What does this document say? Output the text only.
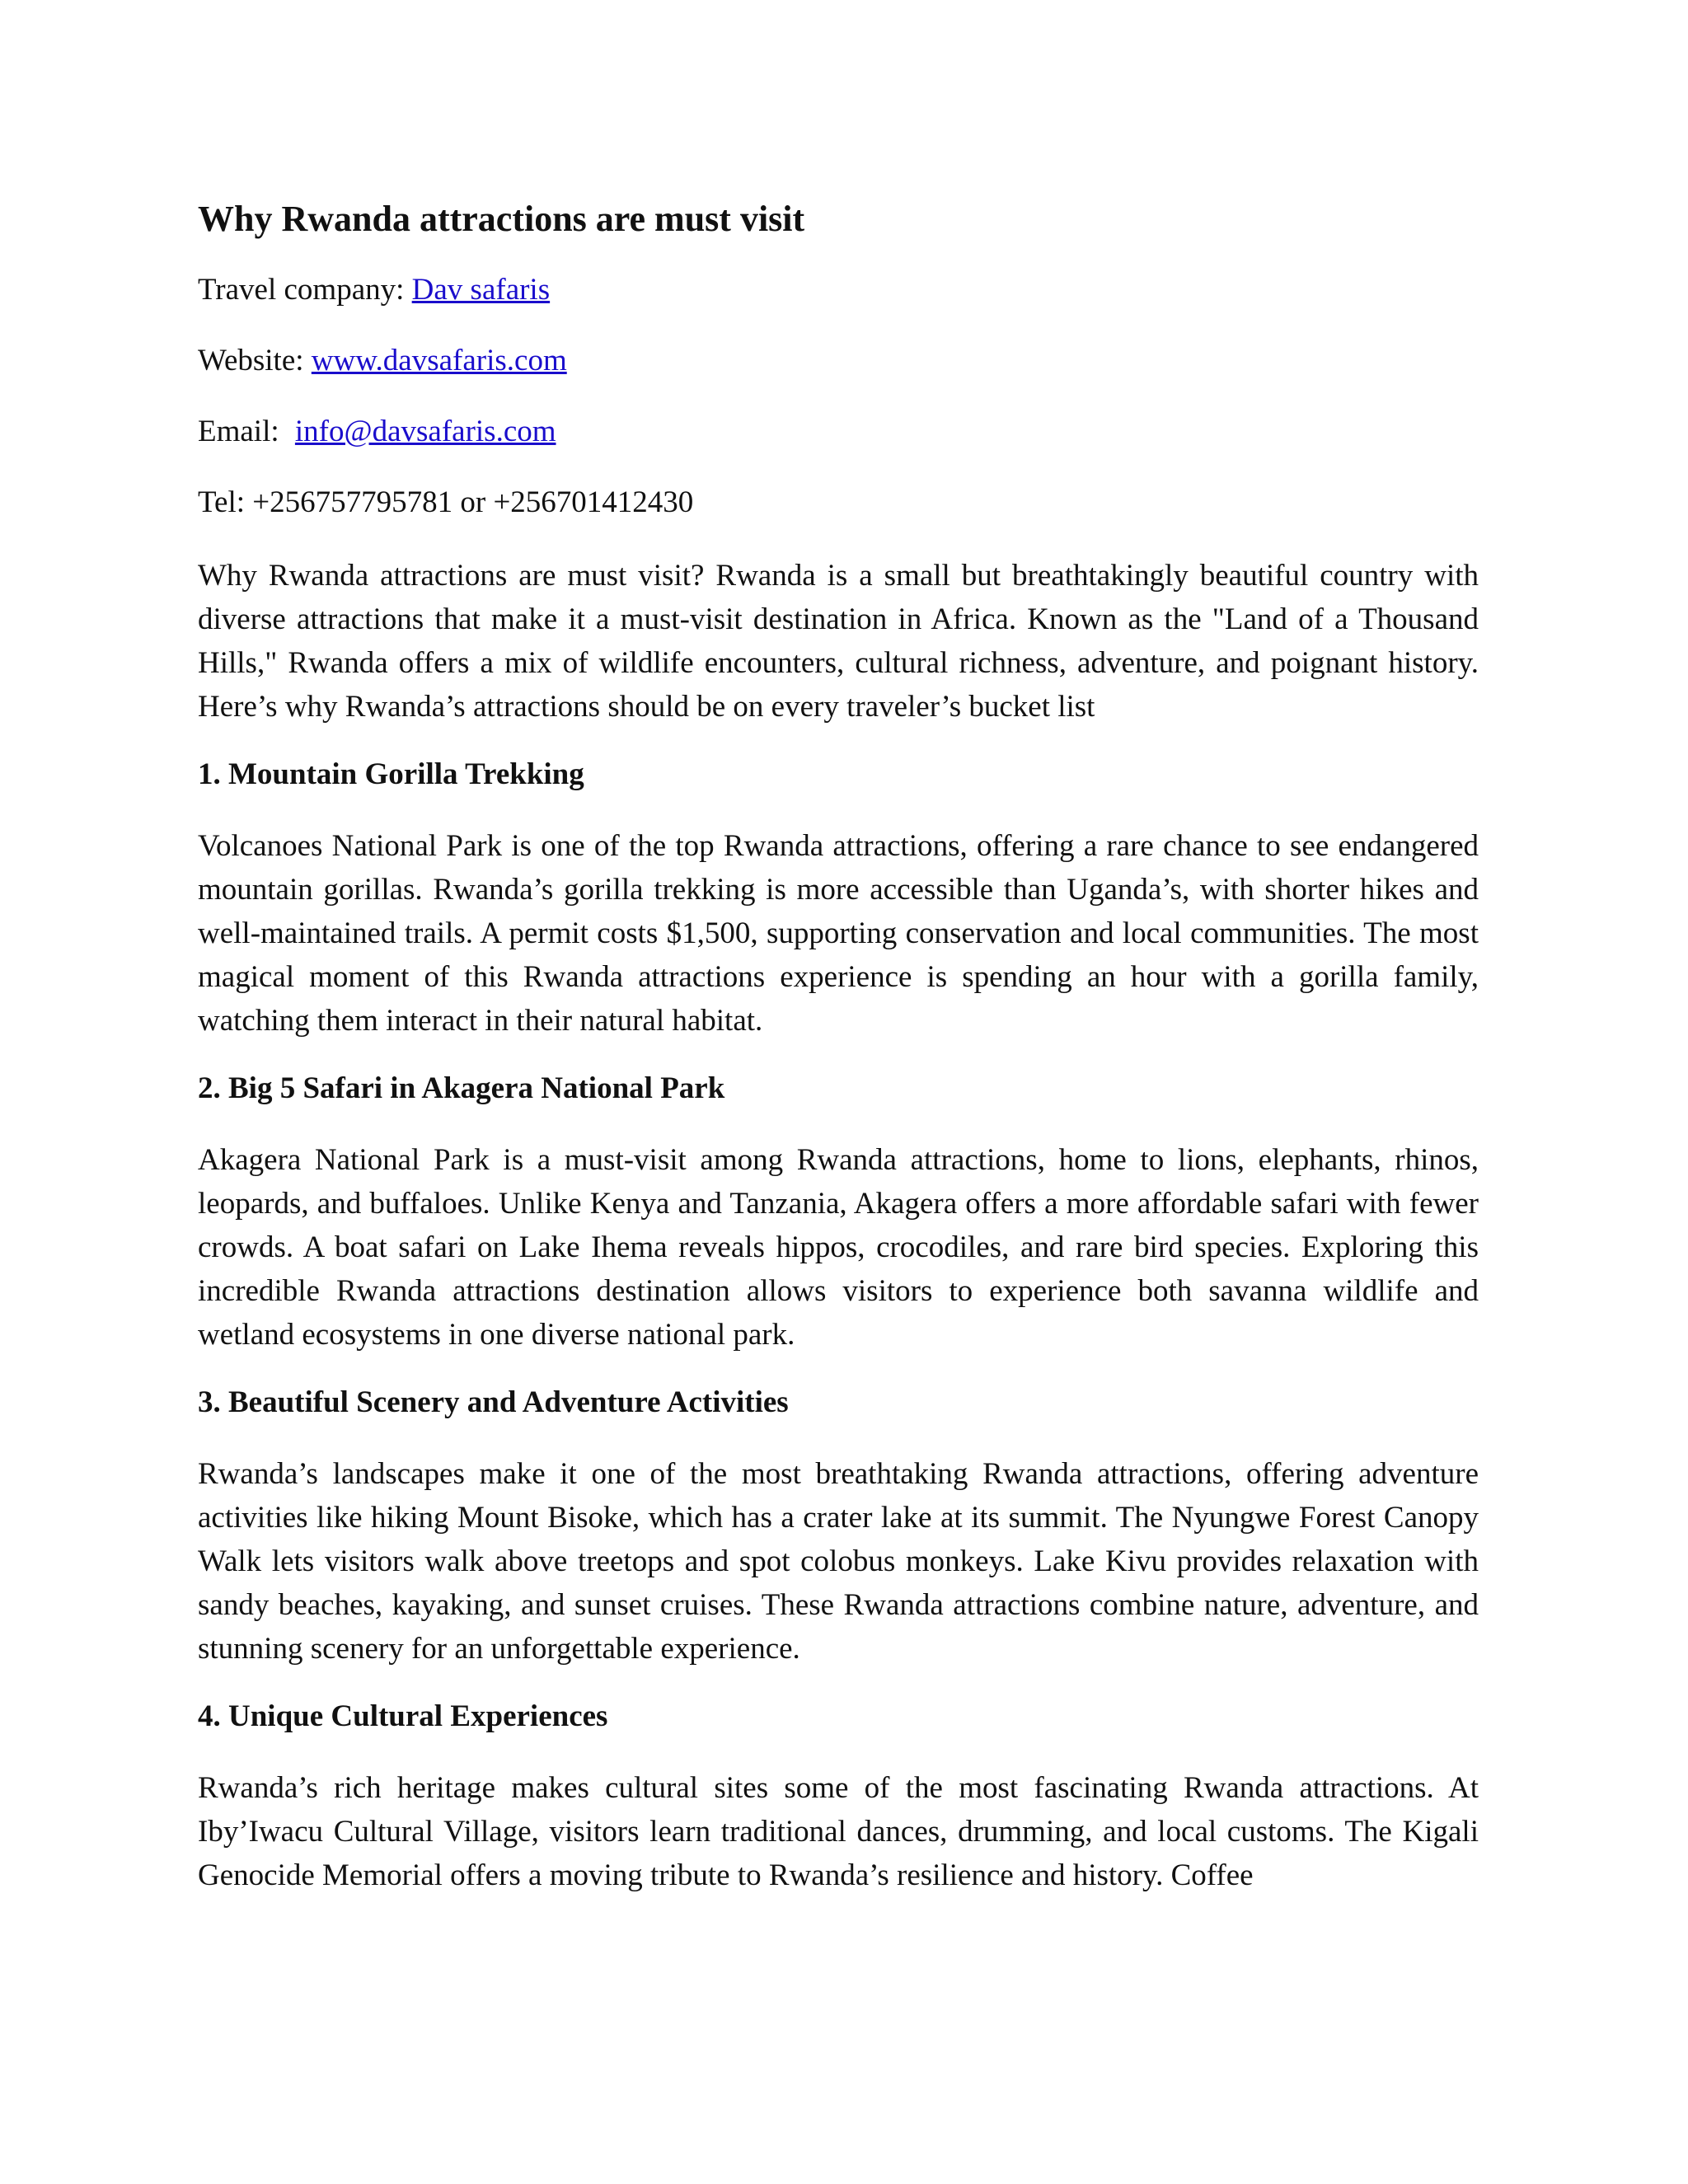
Why Rwanda attractions are must visit

Travel company: Dav safaris

Website: www.davsafaris.com

Email: info@davsafaris.com

Tel: +256757795781 or +256701412430

Why Rwanda attractions are must visit? Rwanda is a small but breathtakingly beautiful country with diverse attractions that make it a must-visit destination in Africa. Known as the "Land of a Thousand Hills," Rwanda offers a mix of wildlife encounters, cultural richness, adventure, and poignant history. Here’s why Rwanda’s attractions should be on every traveler’s bucket list

1. Mountain Gorilla Trekking

Volcanoes National Park is one of the top Rwanda attractions, offering a rare chance to see endangered mountain gorillas. Rwanda’s gorilla trekking is more accessible than Uganda’s, with shorter hikes and well-maintained trails. A permit costs $1,500, supporting conservation and local communities. The most magical moment of this Rwanda attractions experience is spending an hour with a gorilla family, watching them interact in their natural habitat.

2. Big 5 Safari in Akagera National Park

Akagera National Park is a must-visit among Rwanda attractions, home to lions, elephants, rhinos, leopards, and buffaloes. Unlike Kenya and Tanzania, Akagera offers a more affordable safari with fewer crowds. A boat safari on Lake Ihema reveals hippos, crocodiles, and rare bird species. Exploring this incredible Rwanda attractions destination allows visitors to experience both savanna wildlife and wetland ecosystems in one diverse national park.

3. Beautiful Scenery and Adventure Activities

Rwanda’s landscapes make it one of the most breathtaking Rwanda attractions, offering adventure activities like hiking Mount Bisoke, which has a crater lake at its summit. The Nyungwe Forest Canopy Walk lets visitors walk above treetops and spot colobus monkeys. Lake Kivu provides relaxation with sandy beaches, kayaking, and sunset cruises. These Rwanda attractions combine nature, adventure, and stunning scenery for an unforgettable experience.

4. Unique Cultural Experiences

Rwanda’s rich heritage makes cultural sites some of the most fascinating Rwanda attractions. At Iby’Iwacu Cultural Village, visitors learn traditional dances, drumming, and local customs. The Kigali Genocide Memorial offers a moving tribute to Rwanda’s resilience and history. Coffee
